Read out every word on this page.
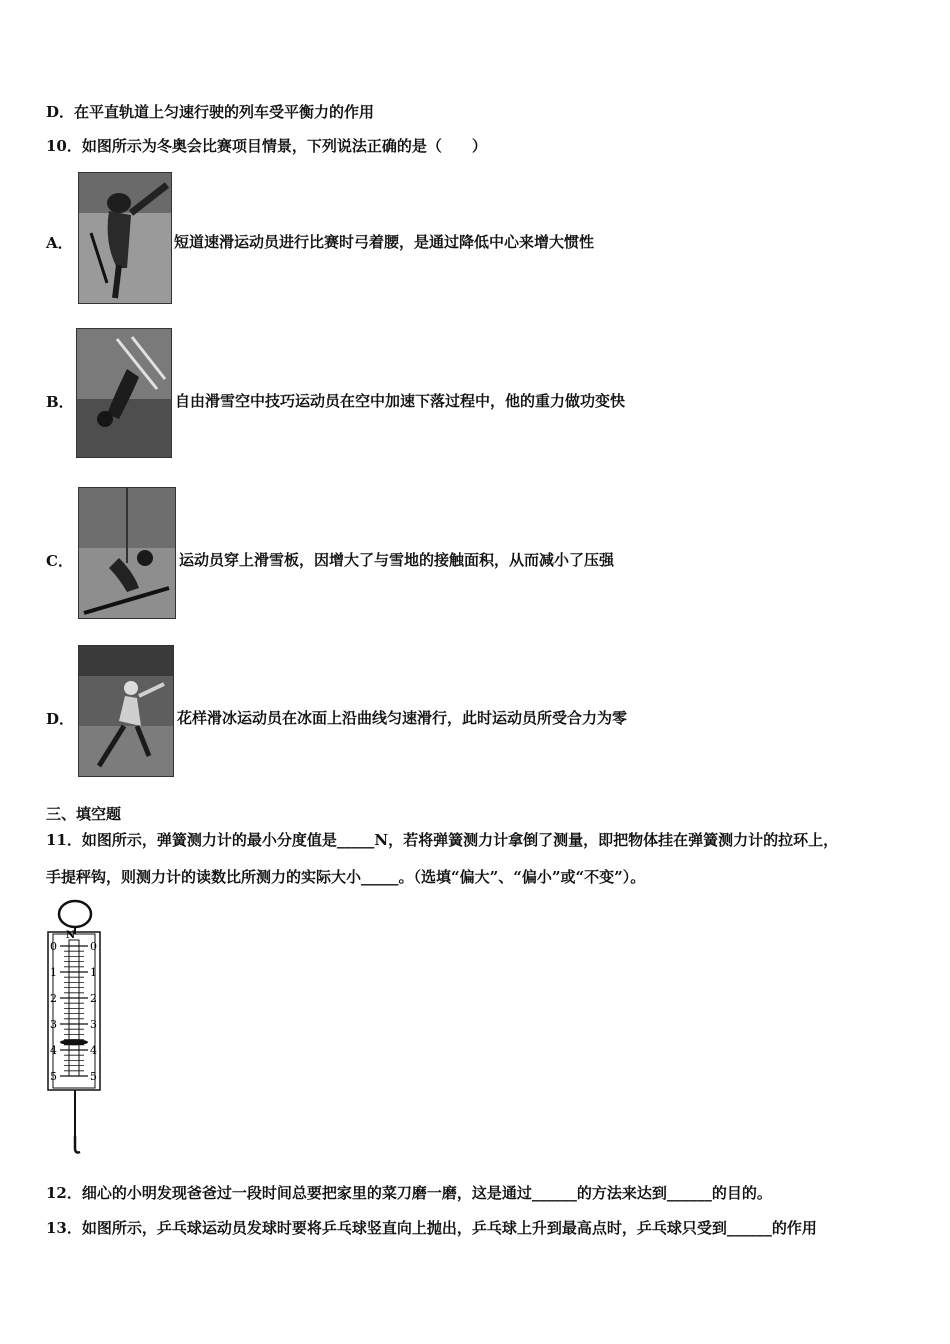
D．在平直轨道上匀速行驶的列车受平衡力的作用
10．如图所示为冬奥会比赛项目情景，下列说法正确的是（　　）
A．	短道速滑运动员进行比赛时弓着腰，是通过降低中心来增大惯性
B．	自由滑雪空中技巧运动员在空中加速下落过程中，他的重力做功变快
C．	运动员穿上滑雪板，因增大了与雪地的接触面积，从而减小了压强
D．	花样滑冰运动员在冰面上沿曲线匀速滑行，此时运动员所受合力为零
三、填空题
11．如图所示，弹簧测力计的最小分度值是_____N，若将弹簧测力计拿倒了测量，即把物体挂在弹簧测力计的拉环上，
手提秤钩，则测力计的读数比所测力的实际大小_____。（选填“偏大”、“偏小”或“不变”）。
N
0
1
2
3
4
5
0
1
2
3
4
5
12．细心的小明发现爸爸过一段时间总要把家里的菜刀磨一磨，这是通过______的方法来达到______的目的。
13．如图所示，乒乓球运动员发球时要将乒乓球竖直向上抛出，乒乓球上升到最高点时，乒乓球只受到______的作用
